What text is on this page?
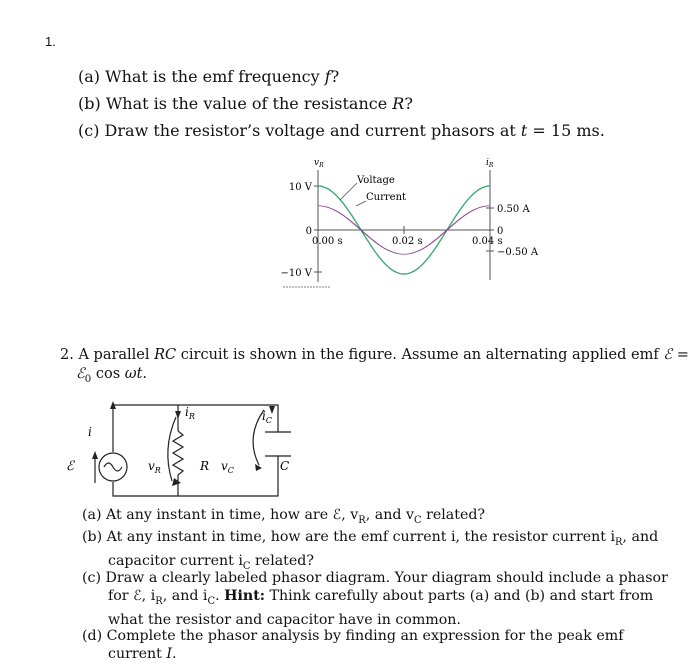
1.
(a) What is the emf frequency f?
(b) What is the value of the resistance R?
(c) Draw the resistor’s voltage and current phasors at t = 15 ms.
$v_R$	$i_R$
10 V
0
−10 V
0.50 A
0
−0.50 A
0.00 s	0.02 s	0.04 s
Voltage
Current
2. A parallel RC circuit is shown in the figure. Assume an alternating applied emf ℰ =
ℰ$_0$ cos ωt.
i
$i_R$	$i_C$
ℰ	$v_R$	R $v_C$	C
(a) At any instant in time, how are ℰ, $v_R$, and $v_C$ related?
(b) At any instant in time, how are the emf current i, the resistor current $i_R$, and capacitor current $i_C$ related?
(c) Draw a clearly labeled phasor diagram. Your diagram should include a phasor for ℰ, $i_R$, and $i_C$. Hint: Think carefully about parts (a) and (b) and start from what the resistor and capacitor have in common.
(d) Complete the phasor analysis by finding an expression for the peak emf current I.
